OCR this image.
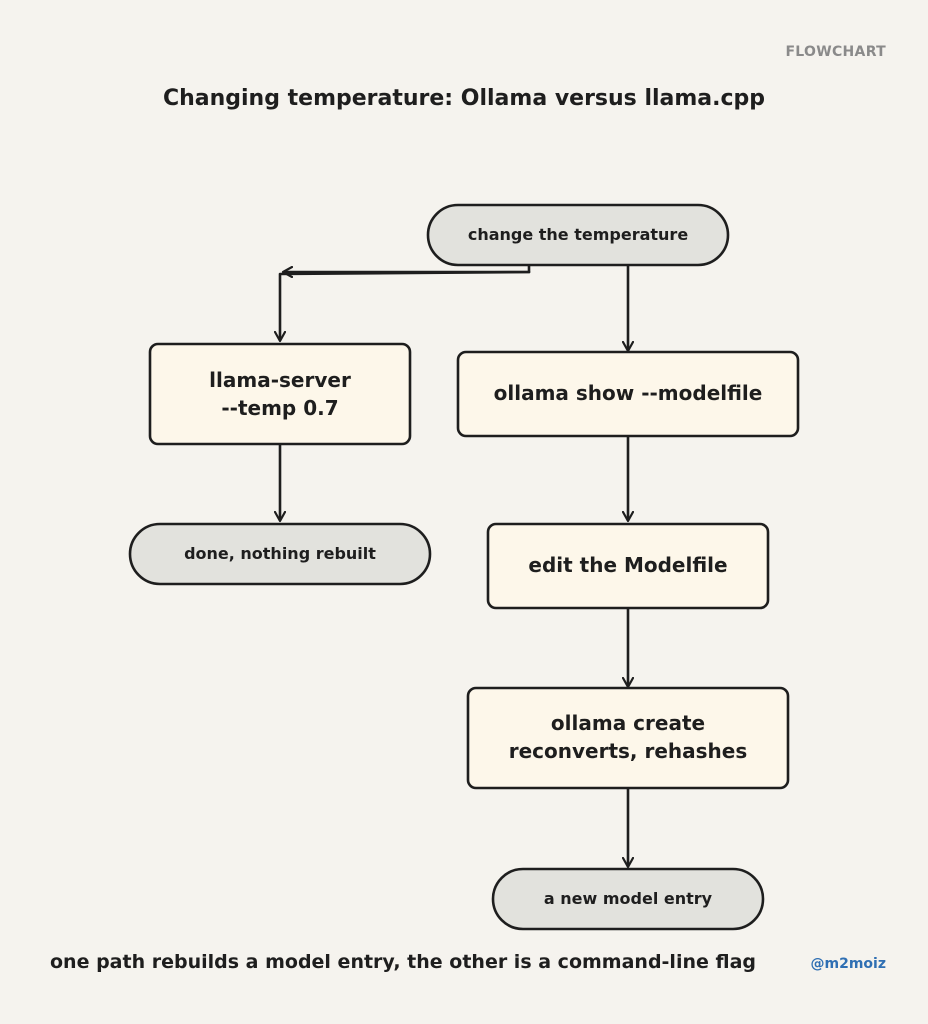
FLOWCHART
Changing temperature: Ollama versus llama.cpp
change the temperature
llama-server
--temp 0.7
done, nothing rebuilt
ollama show --modelfile
edit the Modelfile
ollama create
reconverts, rehashes
a new model entry
one path rebuilds a model entry, the other is a command-line flag	@m2moiz
